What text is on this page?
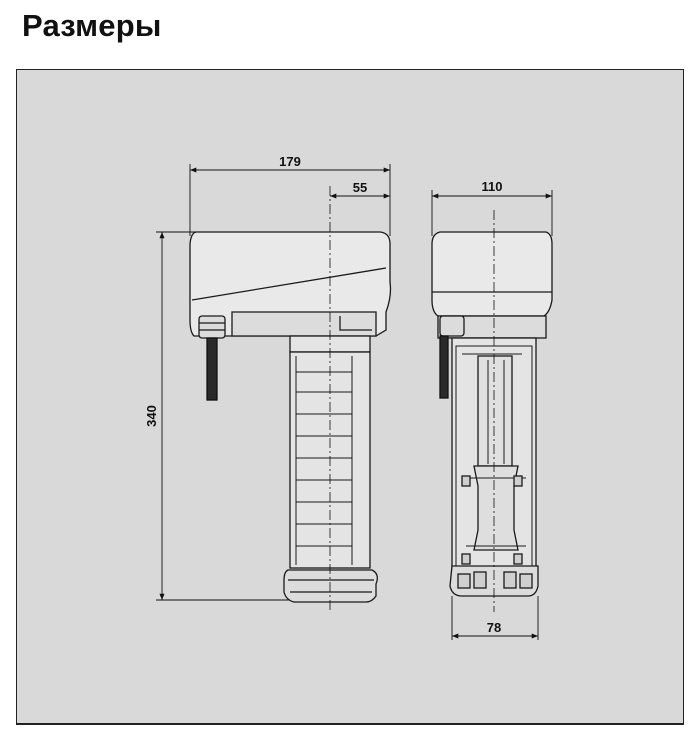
Размеры
179
55
340
110
78
